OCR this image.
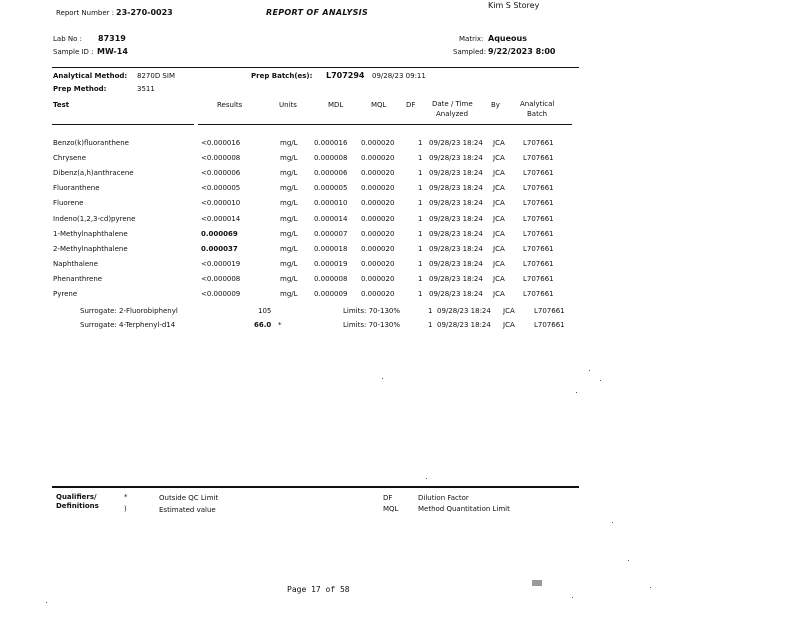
Report Number : 23-270-0023	REPORT OF ANALYSIS
Kim S Storey
Lab No : 87319
Sample ID : MW-14
Matrix: Aqueous
Sampled: 9/22/2023 8:00
Analytical Method: 8270D SIM	Prep Batch(es): L707294 09/28/23 09:11
Prep Method:	3511
Test	Results	Units	MDL	MQL	DF Date / Time
Analyzed
By	Analytical
Batch
Benzo(k)fluoranthene	<0.000016	mg/L 0.000016 0.000020	1 09/28/23 18:24 JCA	L707661
Chrysene	<0.000008	mg/L 0.000008 0.000020	1 09/28/23 18:24 JCA	L707661
Dibenz(a,h)anthracene	<0.000006	mg/L 0.000006 0.000020	1 09/28/23 18:24 JCA	L707661
Fluoranthene	<0.000005	mg/L 0.000005 0.000020	1 09/28/23 18:24 JCA	L707661
Fluorene	<0.000010	mg/L 0.000010 0.000020	1 09/28/23 18:24 JCA	L707661
Indeno(1,2,3-cd)pyrene	<0.000014	mg/L 0.000014 0.000020	1 09/28/23 18:24 JCA	L707661
1-Methylnaphthalene	0.000069	mg/L 0.000007 0.000020	1 09/28/23 18:24 JCA	L707661
2-Methylnaphthalene	0.000037	mg/L 0.000018 0.000020	1 09/28/23 18:24 JCA	L707661
Naphthalene	<0.000019	mg/L 0.000019 0.000020	1 09/28/23 18:24 JCA	L707661
Phenanthrene	<0.000008	mg/L 0.000008 0.000020	1 09/28/23 18:24 JCA	L707661
Pyrene	<0.000009	mg/L 0.000009 0.000020	1 09/28/23 18:24 JCA	L707661
Surrogate: 2-Fluorobiphenyl	105	Limits: 70-130%	1 09/28/23 18:24 JCA	L707661
Surrogate: 4-Terphenyl-d14	66.0 *	Limits: 70-130%	1 09/28/23 18:24 JCA	L707661
Qualifiers/
Definitions
*	Outside QC Limit
)	Estimated value
DF	Dilution Factor
MQL	Method Quantitation Limit
Page 17 of 58
